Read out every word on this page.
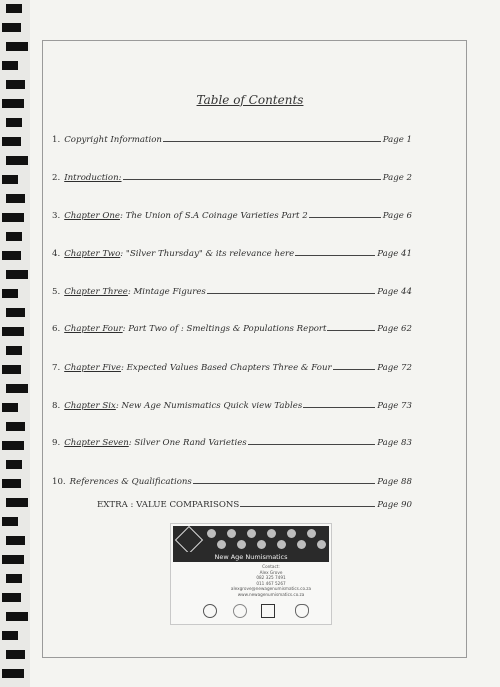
Table of Contents
1. Copyright Information	Page 1
2. Introduction:	Page 2
3. Chapter One : The Union of S.A Coinage Varieties Part 2	Page 6
4. Chapter Two : "Silver Thursday" & its relevance here	Page 41
5. Chapter Three : Mintage Figures	Page 44
6. Chapter Four : Part Two of : Smeltings & Populations Report	Page 62
7. Chapter Five : Expected Values Based Chapters Three & Four	Page 72
8. Chapter Six : New Age Numismatics Quick view Tables	Page 73
9. Chapter Seven : Silver One Rand Varieties	Page 83
10. References & Qualifications	Page 88
EXTRA : VALUE COMPARISONS	Page 90
New Age Numismatics
Contact:
Alex Grove
082 325 7491
011 467 5267
alexgrove@newagenumismatics.co.za
www.newagenumismatics.co.za
